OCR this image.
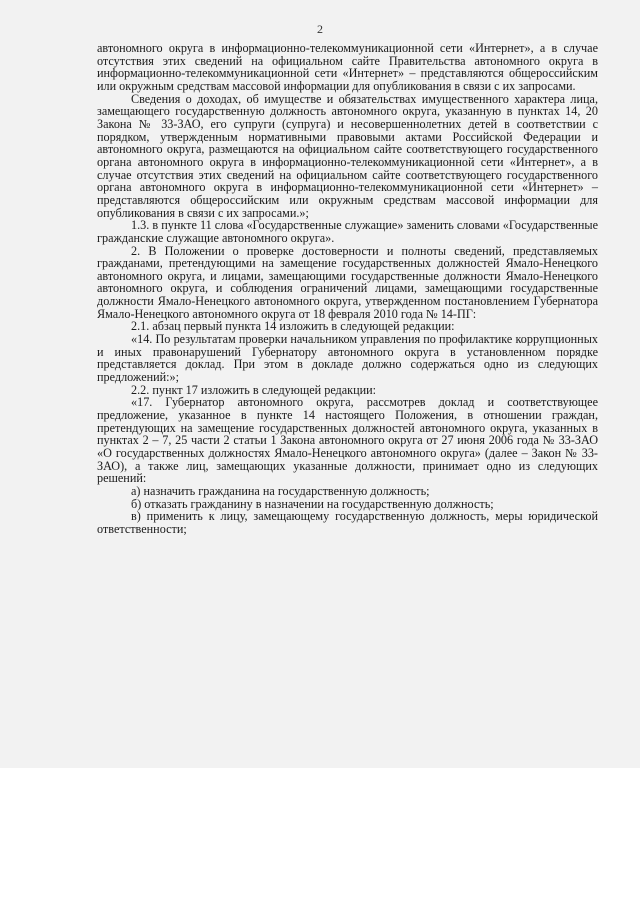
2

автономного округа в информационно-телекоммуникационной сети «Интернет», а в случае отсутствия этих сведений на официальном сайте Правительства автономного округа в информационно-телекоммуникационной сети «Интернет» – представляются общероссийским или окружным средствам массовой информации для опубликования в связи с их запросами.

Сведения о доходах, об имуществе и обязательствах имущественного характера лица, замещающего государственную должность автономного округа, указанную в пунктах 14, 20 Закона № 33-ЗАО, его супруги (супруга) и несовершеннолетних детей в соответствии с порядком, утвержденным нормативными правовыми актами Российской Федерации и автономного округа, размещаются на официальном сайте соответствующего государственного органа автономного округа в информационно-телекоммуникационной сети «Интернет», а в случае отсутствия этих сведений на официальном сайте соответствующего государственного органа автономного округа в информационно-телекоммуникационной сети «Интернет» – представляются общероссийским или окружным средствам массовой информации для опубликования в связи с их запросами.»;

1.3. в пункте 11 слова «Государственные служащие» заменить словами «Государственные гражданские служащие автономного округа».

2. В Положении о проверке достоверности и полноты сведений, представляемых гражданами, претендующими на замещение государственных должностей Ямало-Ненецкого автономного округа, и лицами, замещающими государственные должности Ямало-Ненецкого автономного округа, и соблюдения ограничений лицами, замещающими государственные должности Ямало-Ненецкого автономного округа, утвержденном постановлением Губернатора Ямало-Ненецкого автономного округа от 18 февраля 2010 года № 14-ПГ:

2.1. абзац первый пункта 14 изложить в следующей редакции:

«14. По результатам проверки начальником управления по профилактике коррупционных и иных правонарушений Губернатору автономного округа в установленном порядке представляется доклад. При этом в докладе должно содержаться одно из следующих предложений:»;

2.2. пункт 17 изложить в следующей редакции:

«17. Губернатор автономного округа, рассмотрев доклад и соответствующее предложение, указанное в пункте 14 настоящего Положения, в отношении граждан, претендующих на замещение государственных должностей автономного округа, указанных в пунктах 2 – 7, 25 части 2 статьи 1 Закона автономного округа от 27 июня 2006 года № 33-ЗАО «О государственных должностях Ямало-Ненецкого автономного округа» (далее – Закон № 33-ЗАО), а также лиц, замещающих указанные должности, принимает одно из следующих решений:

а) назначить гражданина на государственную должность;

б) отказать гражданину в назначении на государственную должность;

в) применить к лицу, замещающему государственную должность, меры юридической ответственности;
